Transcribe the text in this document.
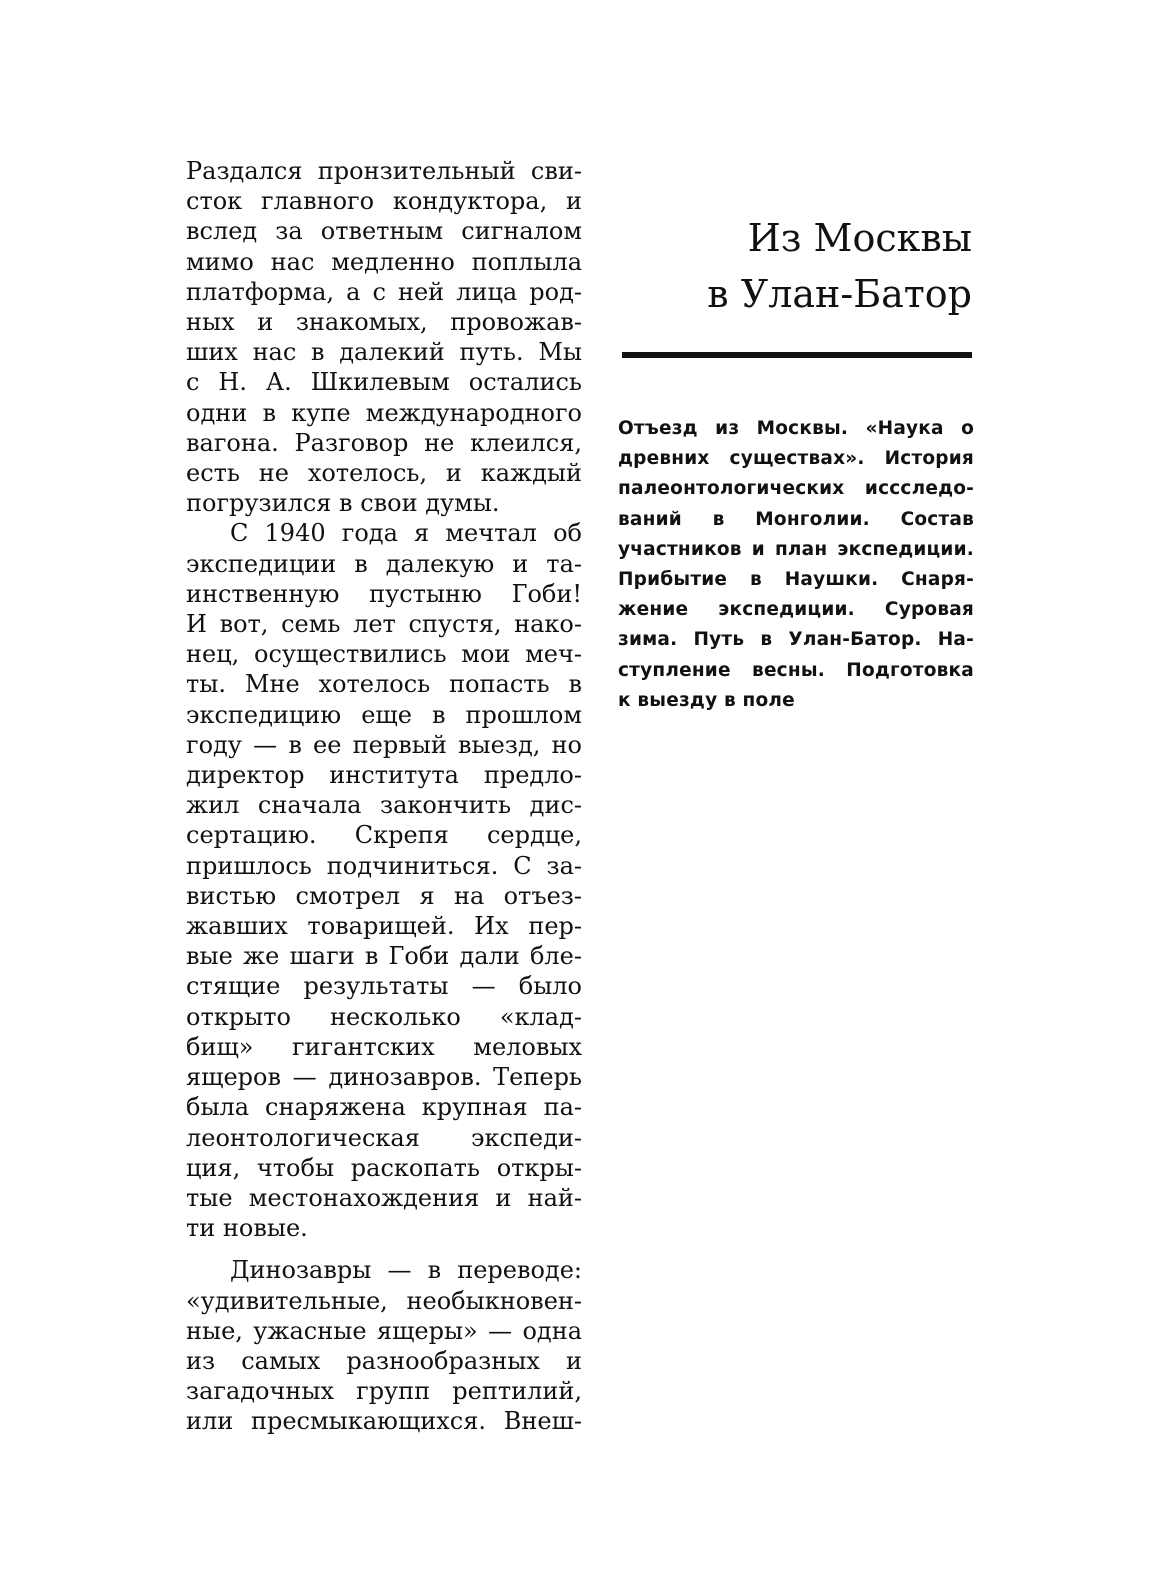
Раздался пронзительный сви-
сток главного кондуктора, и
вслед за ответным сигналом
мимо нас медленно поплыла
платформа, а с ней лица род-
ных и знакомых, провожав-
ших нас в далекий путь. Мы
с Н. А. Шкилевым остались
одни в купе международного
вагона. Разговор не клеился,
есть не хотелось, и каждый
погрузился в свои думы.
С 1940 года я мечтал об
экспедиции в далекую и та-
инственную пустыню Гоби!
И вот, семь лет спустя, нако-
нец, осуществились мои меч-
ты. Мне хотелось попасть в
экспедицию еще в прошлом
году — в ее первый выезд, но
директор института предло-
жил сначала закончить дис-
сертацию. Скрепя сердце,
пришлось подчиниться. С за-
вистью смотрел я на отъез-
жавших товарищей. Их пер-
вые же шаги в Гоби дали бле-
стящие результаты — было
открыто несколько «клад-
бищ» гигантских меловых
ящеров — динозавров. Теперь
была снаряжена крупная па-
леонтологическая экспеди-
ция, чтобы раскопать откры-
тые местонахождения и най-
ти новые.
Динозавры — в переводе:
«удивительные, необыкновен-
ные, ужасные ящеры» — одна
из самых разнообразных и
загадочных групп рептилий,
или пресмыкающихся. Внеш-
Из Москвы
в Улан-Батор
Отъезд из Москвы. «Наука о
древних существах». История
палеонтологических иссследо-
ваний в Монголии. Состав
участников и план экспедиции.
Прибытие в Наушки. Снаря-
жение экспедиции. Суровая
зима. Путь в Улан-Батор. На-
ступление весны. Подготовка
к выезду в поле
